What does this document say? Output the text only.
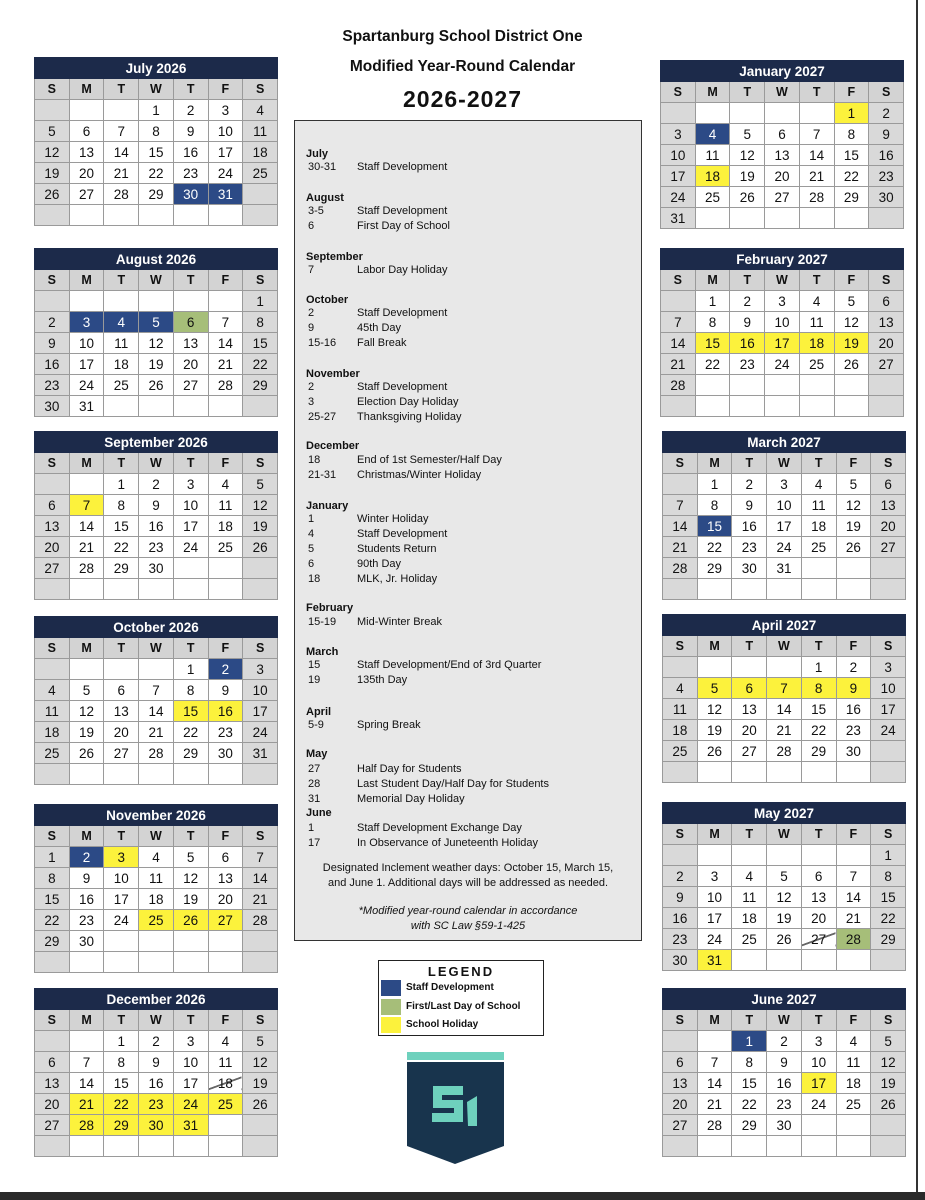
Spartanburg School District One
Modified Year-Round Calendar
2026-2027
July 2026						
S	M	T	W	T	F	S
			1	2	3	4
5	6	7	8	9	10	11
12	13	14	15	16	17	18
19	20	21	22	23	24	25
26	27	28	29	30	31	

August 2026						
S	M	T	W	T	F	S
						1
2	3	4	5	6	7	8
9	10	11	12	13	14	15
16	17	18	19	20	21	22
23	24	25	26	27	28	29
30	31					
September 2026						
S	M	T	W	T	F	S
		1	2	3	4	5
6	7	8	9	10	11	12
13	14	15	16	17	18	19
20	21	22	23	24	25	26
27	28	29	30			

October 2026						
S	M	T	W	T	F	S
				1	2	3
4	5	6	7	8	9	10
11	12	13	14	15	16	17
18	19	20	21	22	23	24
25	26	27	28	29	30	31

November 2026						
S	M	T	W	T	F	S
1	2	3	4	5	6	7
8	9	10	11	12	13	14
15	16	17	18	19	20	21
22	23	24	25	26	27	28
29	30					

December 2026						
S	M	T	W	T	F	S
		1	2	3	4	5
6	7	8	9	10	11	12
13	14	15	16	17	18	19
20	21	22	23	24	25	26
27	28	29	30	31		

January 2027						
S	M	T	W	T	F	S
					1	2
3	4	5	6	7	8	9
10	11	12	13	14	15	16
17	18	19	20	21	22	23
24	25	26	27	28	29	30
31						
February 2027						
S	M	T	W	T	F	S
	1	2	3	4	5	6
7	8	9	10	11	12	13
14	15	16	17	18	19	20
21	22	23	24	25	26	27
28						

March 2027						
S	M	T	W	T	F	S
	1	2	3	4	5	6
7	8	9	10	11	12	13
14	15	16	17	18	19	20
21	22	23	24	25	26	27
28	29	30	31			

April 2027						
S	M	T	W	T	F	S
				1	2	3
4	5	6	7	8	9	10
11	12	13	14	15	16	17
18	19	20	21	22	23	24
25	26	27	28	29	30	

May 2027						
S	M	T	W	T	F	S
						1
2	3	4	5	6	7	8
9	10	11	12	13	14	15
16	17	18	19	20	21	22
23	24	25	26	27	28	29
30	31					
June 2027						
S	M	T	W	T	F	S
		1	2	3	4	5
6	7	8	9	10	11	12
13	14	15	16	17	18	19
20	21	22	23	24	25	26
27	28	29	30			

July
30-31 Staff Development
August
3-5	Staff Development
6	First Day of School
September
7	Labor Day Holiday
October
2	Staff Development
9	45th Day
15-16 Fall Break
November
2	Staff Development
3	Election Day Holiday
25-27 Thanksgiving Holiday
December
18	End of 1st Semester/Half Day
21-31 Christmas/Winter Holiday
January
1	Winter Holiday
4	Staff Development
5	Students Return
6	90th Day
18	MLK, Jr. Holiday
February
15-19 Mid-Winter Break
March
15	Staff Development/End of 3rd Quarter
19	135th Day
April
5-9	Spring Break
May
27	Half Day for Students
28	Last Student Day/Half Day for Students
31	Memorial Day Holiday
June
1	Staff Development Exchange Day
17	In Observance of Juneteenth Holiday
Designated Inclement weather days: October 15, March 15,
and June 1. Additional days will be addressed as needed.
*Modified year-round calendar in accordance
with SC Law §59-1-425
LEGEND
Staff Development
First/Last Day of School
School Holiday
